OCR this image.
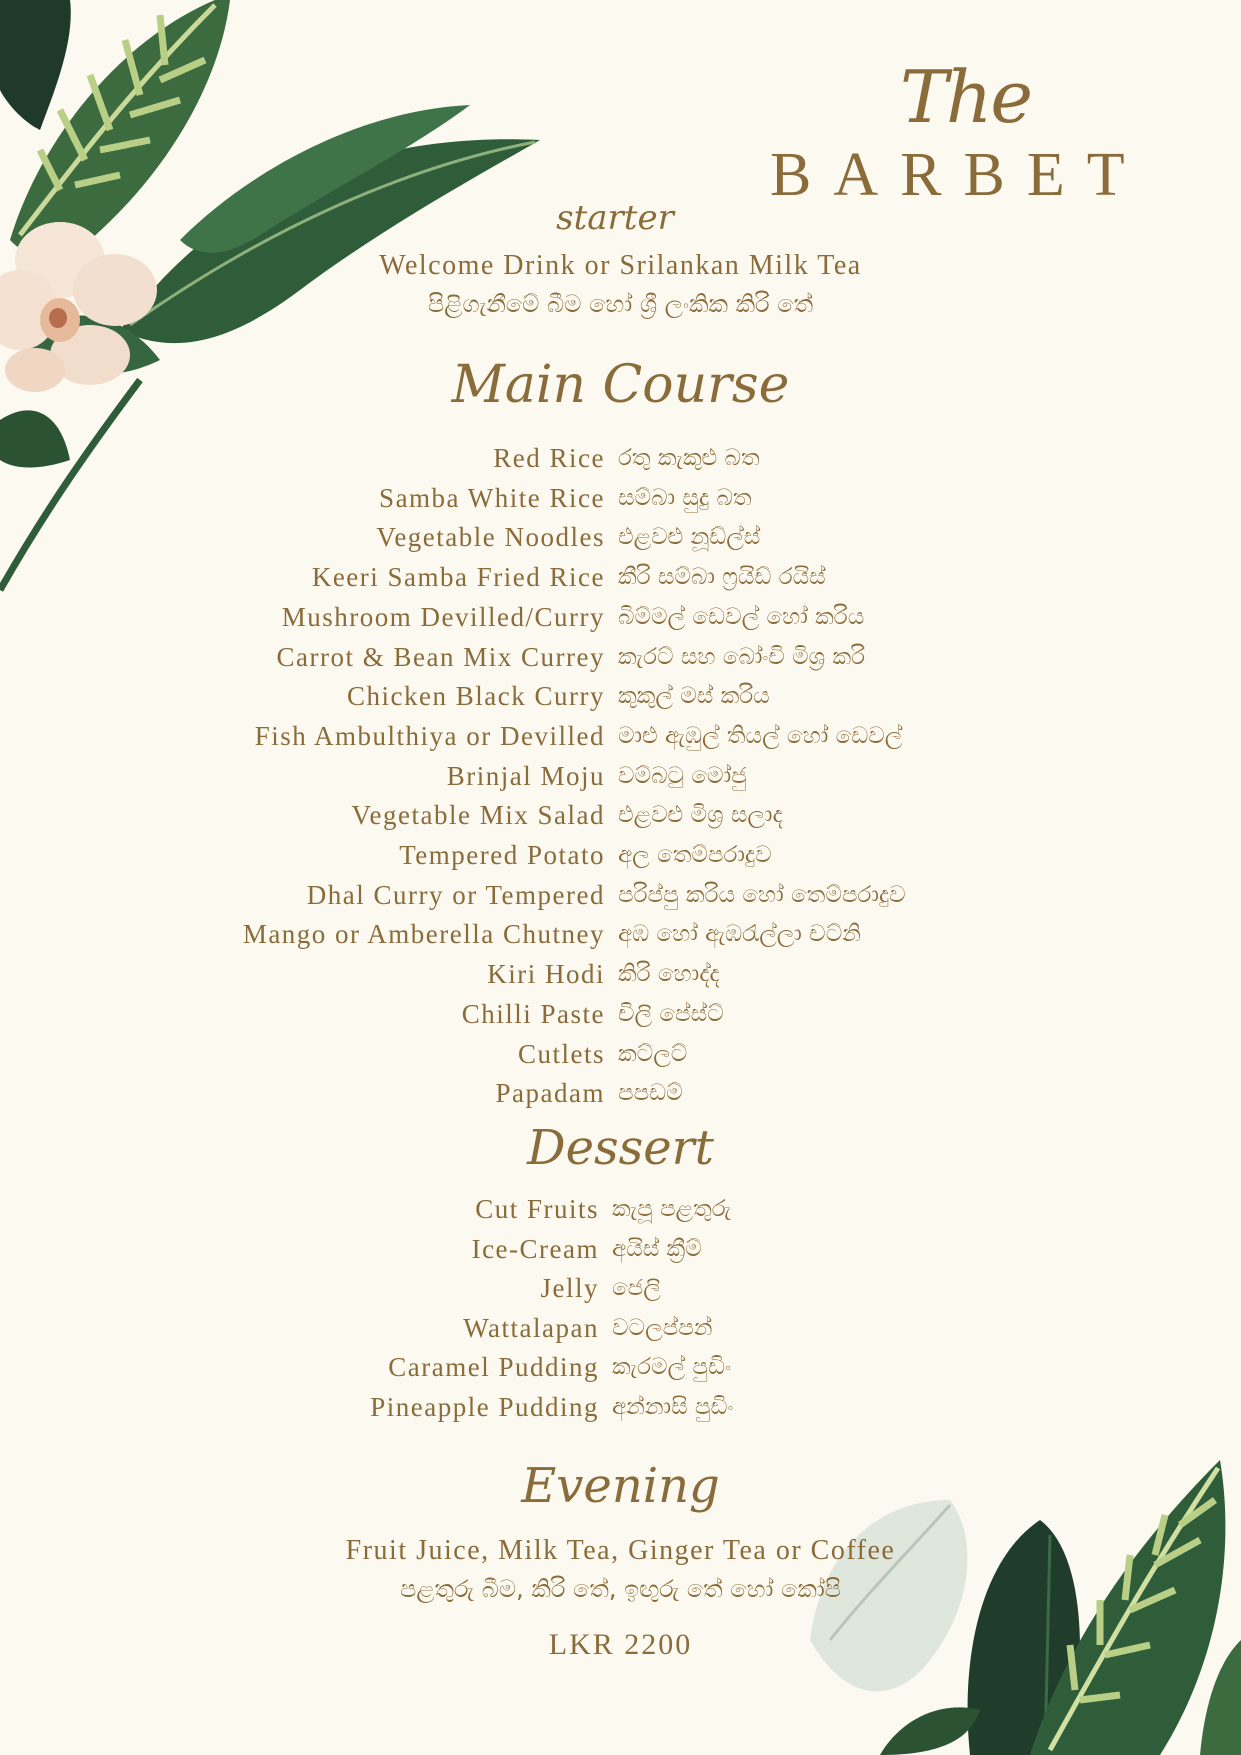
The
BARBET
starter
Welcome Drink or Srilankan Milk Tea
පිළිගැනීමේ බීම හෝ ශ්‍රී ලංකික කිරි තේ
Main Course
Red Rice රතු කැකුළු බත
Samba White Rice සම්බා සුදු බත
Vegetable Noodles එළවළු නූඩ්ල්ස්
Keeri Samba Fried Rice කීරි සම්බා ෆ්‍රයිඩ් රයිස්
Mushroom Devilled/Curry බිම්මල් ඩෙවල් හෝ කරිය
Carrot & Bean Mix Currey කැරට් සහ බෝංචි මිශ්‍ර කරි
Chicken Black Curry කුකුල් මස් කරිය
Fish Ambulthiya or Devilled මාළු ඇඹුල් තියල් හෝ ඩෙවල්
Brinjal Moju වම්බටු මෝජු
Vegetable Mix Salad එළවළු මිශ්‍ර සලාද
Tempered Potato අල තෙම්පරාදුව
Dhal Curry or Tempered පරිප්පු කරිය හෝ තෙම්පරාදුව
Mango or Amberella Chutney අඹ හෝ ඇඹරැල්ලා චට්නි
Kiri Hodi කිරි හොද්ද
Chilli Paste චිලි පේස්ට්
Cutlets කට්ලට්
Papadam පපඩම්
Dessert
Cut Fruits කැපූ පළතුරු
Ice-Cream අයිස් ක්‍රීම්
Jelly ජෙලි
Wattalapan වටලප්පන්
Caramel Pudding කැරමල් පුඩිං
Pineapple Pudding අන්නාසි පුඩිං
Evening
Fruit Juice, Milk Tea, Ginger Tea or Coffee
පළතුරු බීම, කිරි තේ, ඉඟුරු තේ හෝ කෝපි
LKR 2200
